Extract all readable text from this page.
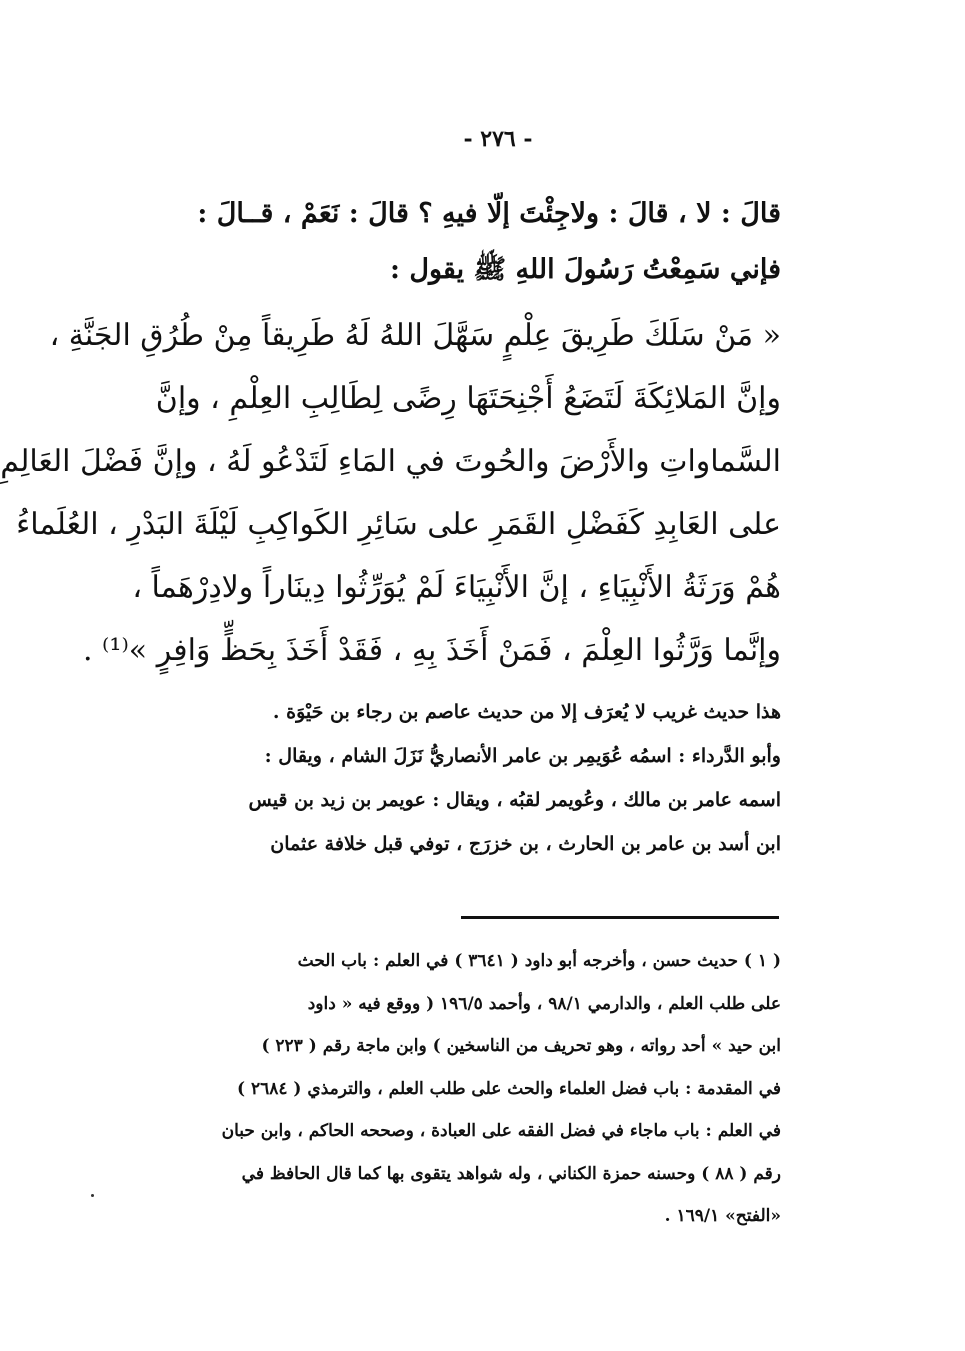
- ٢٧٦ -
قالَ : لا ، قالَ : ولاجِئْتَ إلّا فيهِ ؟ قالَ : نَعَمْ ، قــالَ :
فإني سَمِعْتُ رَسُولَ اللهِ ﷺ يقول :
« مَنْ سَلَكَ طَرِيقَ عِلْمٍ سَهَّلَ اللهُ لَهُ طَرِيقاً مِنْ طُرُقِ الجَنَّةِ ،
وإنَّ المَلائِكَةَ لَتَضَعُ أَجْنِحَتَهَا رِضًى لِطَالِبِ العِلْمِ ، وإنَّ
السَّماواتِ والأَرْضَ والحُوتَ في المَاءِ لَتَدْعُو لَهُ ، وإنَّ فَضْلَ العَالِمِ
على العَابِدِ كَفَضْلِ القَمَرِ على سَائِرِ الكَواكِبِ لَيْلَةَ البَدْرِ ، العُلَماءُ
هُمْ وَرَثَةُ الأَنْبِيَاءِ ، إنَّ الأَنْبِيَاءَ لَمْ يُوَرِّثُوا دِينَاراً ولادِرْهَماً ،
وإنَّما وَرَّثُوا العِلْمَ ، فَمَنْ أَخَذَ بِهِ ، فَقَدْ أَخَذَ بِحَظٍّ وَافِرٍ »⁽¹⁾ .
هذا حديث غريب لا يُعرَف إلا من حديث عاصم بن رجاء بن حَيْوَة .
وأبو الدَّرداء : اسمُه عُوَيمِر بن عامر الأنصاريُّ نَزَلَ الشام ، ويقال :
اسمه عامر بن مالك ، وعُويمر لقبُه ، ويقال : عويمر بن زيد بن قيس
ابن أسد بن عامر بن الحارث ، بن خزرَج ، توفي قبل خلافة عثمان
( ١ ) حديث حسن ، وأخرجه أبو داود ( ٣٦٤١ ) في العلم : باب الحث
على طلب العلم ، والدارمي ٩٨/١ ، وأحمد ١٩٦/٥ ( ووقع فيه « داود
ابن حيد » أحد رواته ، وهو تحريف من الناسخين ) وابن ماجة رقم ( ٢٢٣ )
في المقدمة : باب فضل العلماء والحث على طلب العلم ، والترمذي ( ٢٦٨٤ )
في العلم : باب ماجاء في فضل الفقه على العبادة ، وصححه الحاكم ، وابن حبان
رقم ( ٨٨ ) وحسنه حمزة الكناني ، وله شواهد يتقوى بها كما قال الحافظ في
«الفتح» ١٦٩/١ .
